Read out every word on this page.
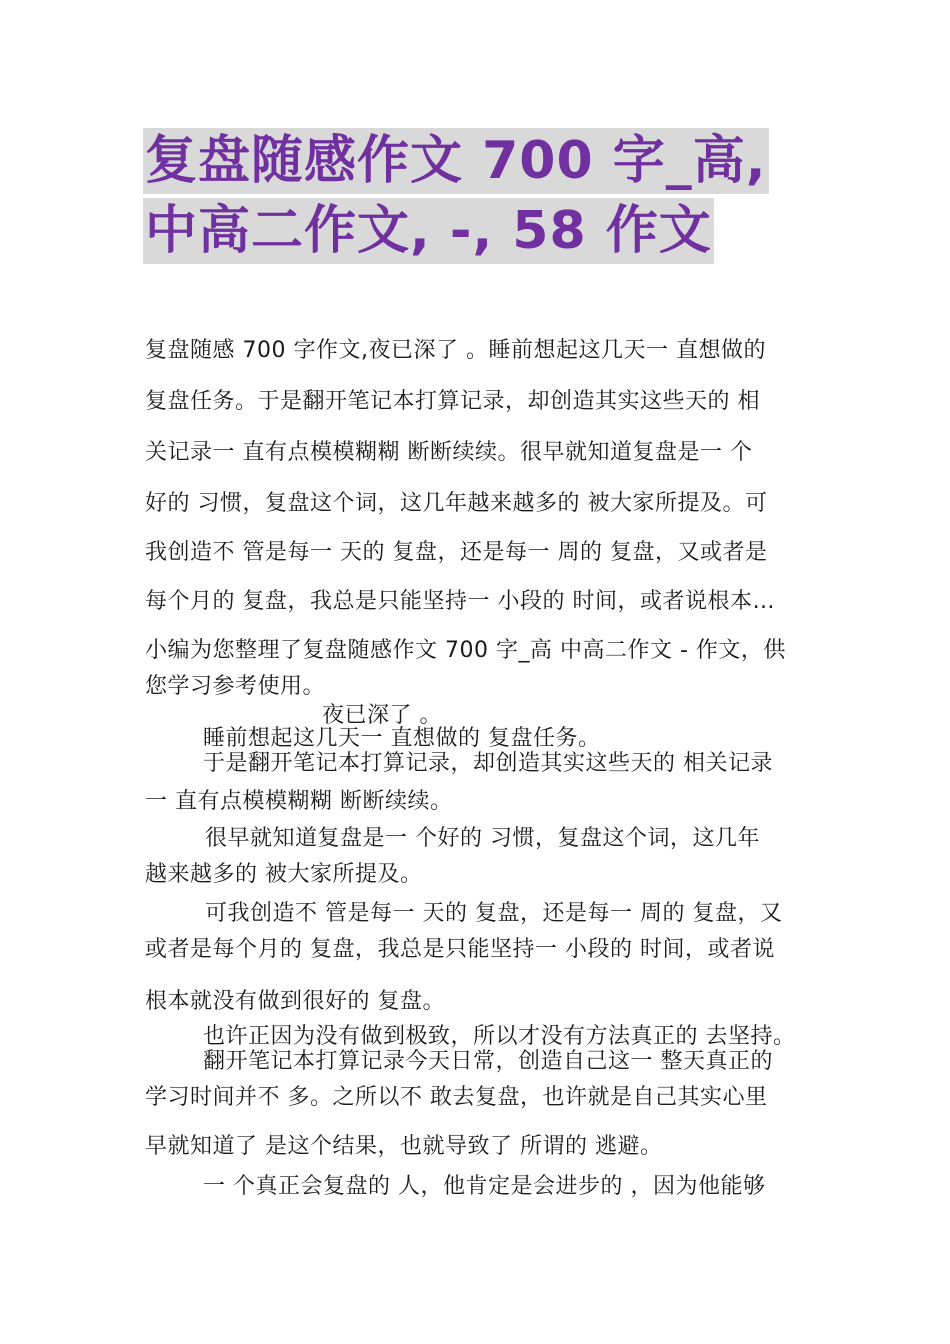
复盘随感作文 700 字_高,
中高二作文, -, 58 作文

复盘随感 700 字作文,夜已深了 。睡前想起这几天一 直想做的

复盘任务。于是翻开笔记本打算记录，却创造其实这些天的 相

关记录一 直有点模模糊糊 断断续续。很早就知道复盘是一 个

好的 习惯，复盘这个词，这几年越来越多的 被大家所提及。可

我创造不 管是每一 天的 复盘，还是每一 周的 复盘，又或者是

每个月的 复盘，我总是只能坚持一 小段的 时间，或者说根本…

小编为您整理了复盘随感作文 700 字_高 中高二作文 - 作文，供

您学习参考使用。

夜已深了 。

睡前想起这几天一 直想做的 复盘任务。

于是翻开笔记本打算记录，却创造其实这些天的 相关记录

一 直有点模模糊糊 断断续续。

很早就知道复盘是一 个好的 习惯，复盘这个词，这几年

越来越多的 被大家所提及。

可我创造不 管是每一 天的 复盘，还是每一 周的 复盘，又

或者是每个月的 复盘，我总是只能坚持一 小段的 时间，或者说

根本就没有做到很好的 复盘。

也许正因为没有做到极致，所以才没有方法真正的 去坚持。

翻开笔记本打算记录今天日常，创造自己这一 整天真正的

学习时间并不 多。之所以不 敢去复盘，也许就是自己其实心里

早就知道了 是这个结果，也就导致了 所谓的 逃避。

一 个真正会复盘的 人，他肯定是会进步的 ，因为他能够
